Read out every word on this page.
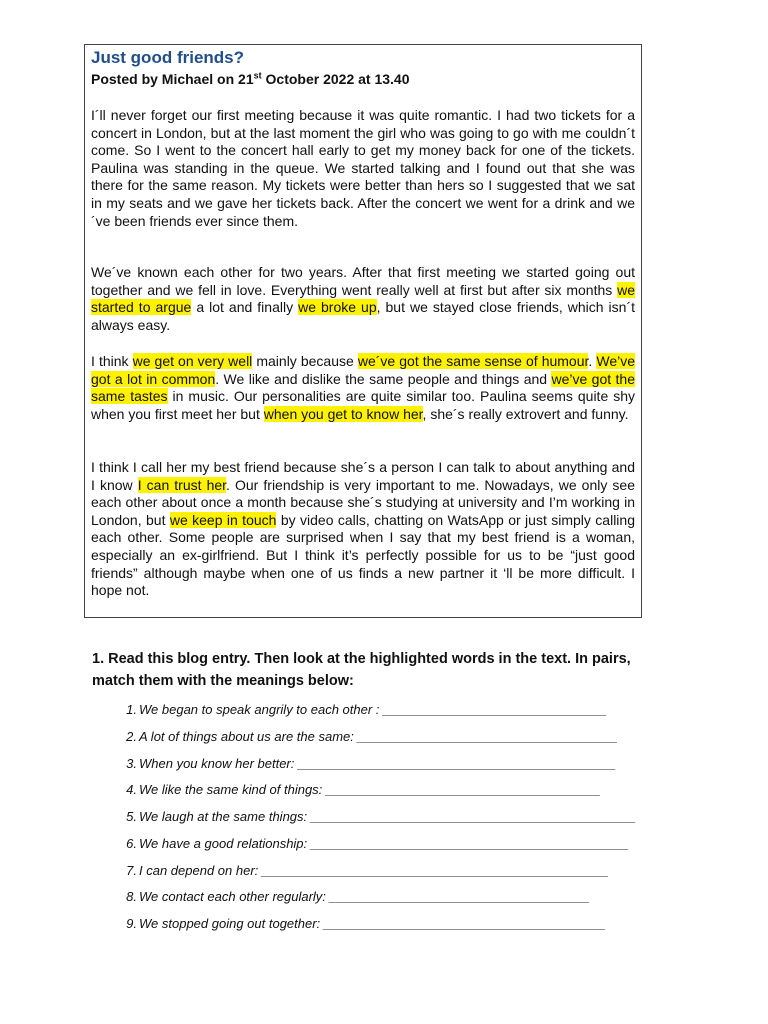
Just good friends?
Posted by Michael on 21st October 2022 at 13.40

I´ll never forget our first meeting because it was quite romantic. I had two tickets for a concert in London, but at the last moment the girl who was going to go with me couldn´t come. So I went to the concert hall early to get my money back for one of the tickets. Paulina was standing in the queue. We started talking and I found out that she was there for the same reason. My tickets were better than hers so I suggested that we sat in my seats and we gave her tickets back. After the concert we went for a drink and we´ve been friends ever since them.

We´ve known each other for two years. After that first meeting we started going out together and we fell in love. Everything went really well at first but after six months we started to argue a lot and finally we broke up, but we stayed close friends, which isn´t always easy.

I think we get on very well mainly because we´ve got the same sense of humour. We’ve got a lot in common. We like and dislike the same people and things and we’ve got the same tastes in music. Our personalities are quite similar too. Paulina seems quite shy when you first meet her but when you get to know her, she´s really extrovert and funny.

I think I call her my best friend because she´s a person I can talk to about anything and I know I can trust her. Our friendship is very important to me. Nowadays, we only see each other about once a month because she´s studying at university and I’m working in London, but we keep in touch by video calls, chatting on WatsApp or just simply calling each other. Some people are surprised when I say that my best friend is a woman, especially an ex-girlfriend. But I think it’s perfectly possible for us to be “just good friends” although maybe when one of us finds a new partner it ‘ll be more difficult. I hope not.

1. Read this blog entry. Then look at the highlighted words in the text. In pairs, match them with the meanings below:

1. We began to speak angrily to each other : _______________________________
2. A lot of things about us are the same: ____________________________________
3. When you know her better: ____________________________________________
4. We like the same kind of things: ______________________________________
5. We laugh at the same things: _____________________________________________
6. We have a good relationship: ____________________________________________
7. I can depend on her: ________________________________________________
8. We contact each other regularly: ____________________________________
9. We stopped going out together: _______________________________________
